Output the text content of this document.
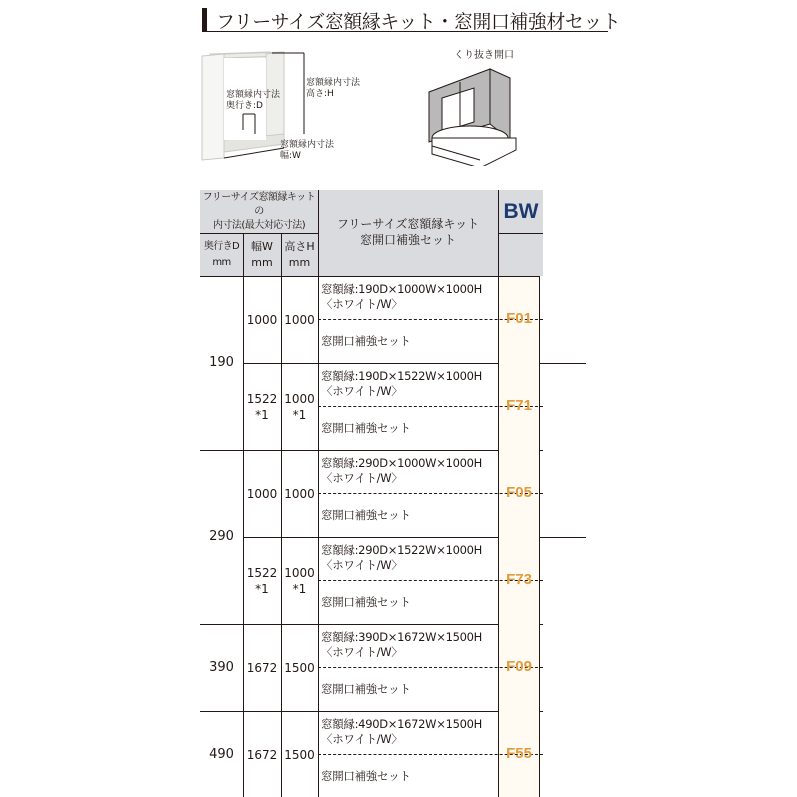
フリーサイズ窓額縁キット・窓開口補強材セット
窓額縁内寸法
高さ:H
窓額縁内寸法
奥行き:D
窓額縁内寸法
幅:W
くり抜き開口
フリーサイズ窓額縁キットの
内寸法(最大対応寸法)
奥行きD
mm
幅W
mm
高さH
mm
フリーサイズ窓額縁キット
窓開口補強セット
BW
1000 1000
窓額縁:190D×1000W×1000H
〈ホワイト/W〉
窓開口補強セット
F01
1522
*1
1000
*1
窓額縁:190D×1522W×1000H
〈ホワイト/W〉
窓開口補強セット
F71
1000 1000
窓額縁:290D×1000W×1000H
〈ホワイト/W〉
窓開口補強セット
F05
1522
*1
1000
*1
窓額縁:290D×1522W×1000H
〈ホワイト/W〉
窓開口補強セット
F73
1672 1500
窓額縁:390D×1672W×1500H
〈ホワイト/W〉
窓開口補強セット
F09
1672 1500
窓額縁:490D×1672W×1500H
〈ホワイト/W〉
窓開口補強セット
F55
190
290
390
490
